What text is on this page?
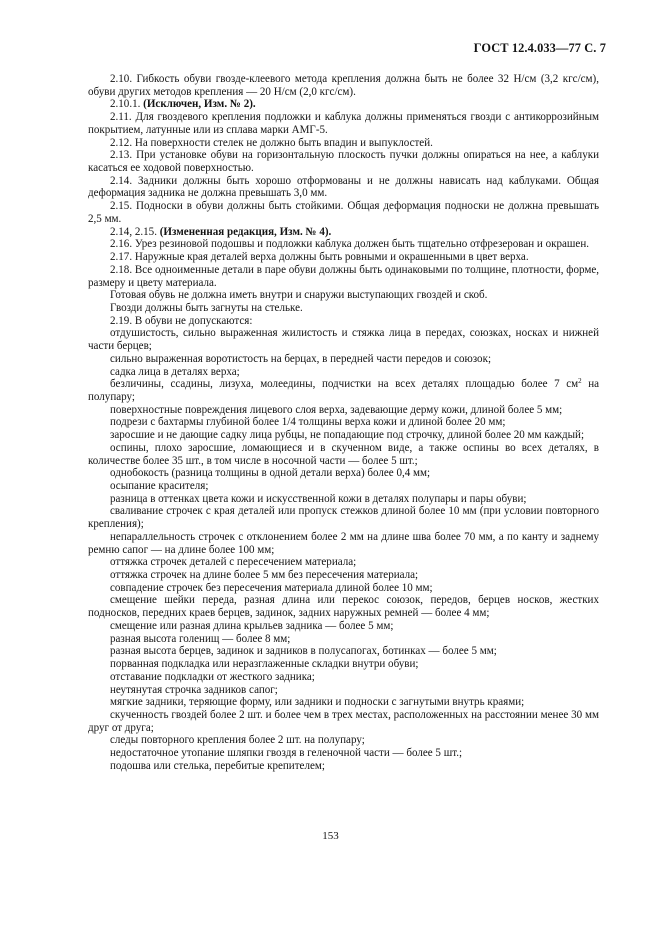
ГОСТ 12.4.033—77 С. 7

2.10. Гибкость обуви гвоздe-клеевого метода крепления должна быть не более 32 Н/см (3,2 кгс/см), обуви других методов крепления — 20 Н/см (2,0 кгс/см).

2.10.1. (Исключен, Изм. № 2).

2.11. Для гвоздевого крепления подложки и каблука должны применяться гвозди с антикоррозийным покрытием, латунные или из сплава марки АМГ-5.

2.12. На поверхности стелек не должно быть впадин и выпуклостей.

2.13. При установке обуви на горизонтальную плоскость пучки должны опираться на нее, а каблуки касаться ее ходовой поверхностью.

2.14. Задники должны быть хорошо отформованы и не должны нависать над каблуками. Общая деформация задника не должна превышать 3,0 мм.

2.15. Подноски в обуви должны быть стойкими. Общая деформация подноски не должна превышать 2,5 мм.

2.14, 2.15. (Измененная редакция, Изм. № 4).

2.16. Урез резиновой подошвы и подложки каблука должен быть тщательно отфрезерован и окрашен.

2.17. Наружные края деталей верха должны быть ровными и окрашенными в цвет верха.

2.18. Все одноименные детали в паре обуви должны быть одинаковыми по толщине, плотности, форме, размеру и цвету материала.

Готовая обувь не должна иметь внутри и снаружи выступающих гвоздей и скоб.

Гвозди должны быть загнуты на стельке.

2.19. В обуви не допускаются:

отдушистость, сильно выраженная жилистость и стяжка лица в передах, союзках, носках и нижней части берцев;

сильно выраженная воротистость на берцах, в передней части передов и союзок;

садка лица в деталях верха;

безличины, ссадины, лизуха, молеедины, подчистки на всех деталях площадью более 7 $см^2$ на полупару;

поверхностные повреждения лицевого слоя верха, задевающие дерму кожи, длиной более 5 мм;

подрези с бахтармы глубиной более 1/4 толщины верха кожи и длиной более 20 мм;

заросшие и не дающие садку лица рубцы, не попадающие под строчку, длиной более 20 мм каждый;

оспины, плохо заросшие, ломающиеся и в скученном виде, а также оспины во всех деталях, в количестве более 35 шт., в том числе в носочной части — более 5 шт.;

однобокость (разница толщины в одной детали верха) более 0,4 мм;

осыпание красителя;

разница в оттенках цвета кожи и искусственной кожи в деталях полупары и пары обуви;

сваливание строчек с края деталей или пропуск стежков длиной более 10 мм (при условии повторного крепления);

непараллельность строчек с отклонением более 2 мм на длине шва более 70 мм, а по канту и заднему ремню сапог — на длине более 100 мм;

оттяжка строчек деталей с пересечением материала;

оттяжка строчек на длине более 5 мм без пересечения материала;

совпадение строчек без пересечения материала длиной более 10 мм;

смещение шейки переда, разная длина или перекос союзок, передов, берцев носков, жестких подносков, передних краев берцев, задинок, задних наружных ремней — более 4 мм;

смещение или разная длина крыльев задника — более 5 мм;

разная высота голенищ — более 8 мм;

разная высота берцев, задинок и задников в полусапогах, ботинках — более 5 мм;

порванная подкладка или неразглаженные складки внутри обуви;

отставание подкладки от жесткого задника;

неутянутая строчка задников сапог;

мягкие задники, теряющие форму, или задники и подноски с загнутыми внутрь краями;

скученность гвоздей более 2 шт. и более чем в трех местах, расположенных на расстоянии менее 30 мм друг от друга;

следы повторного крепления более 2 шт. на полупару;

недостаточное утопание шляпки гвоздя в геленочной части — более 5 шт.;

подошва или стелька, перебитые крепителем;

153
